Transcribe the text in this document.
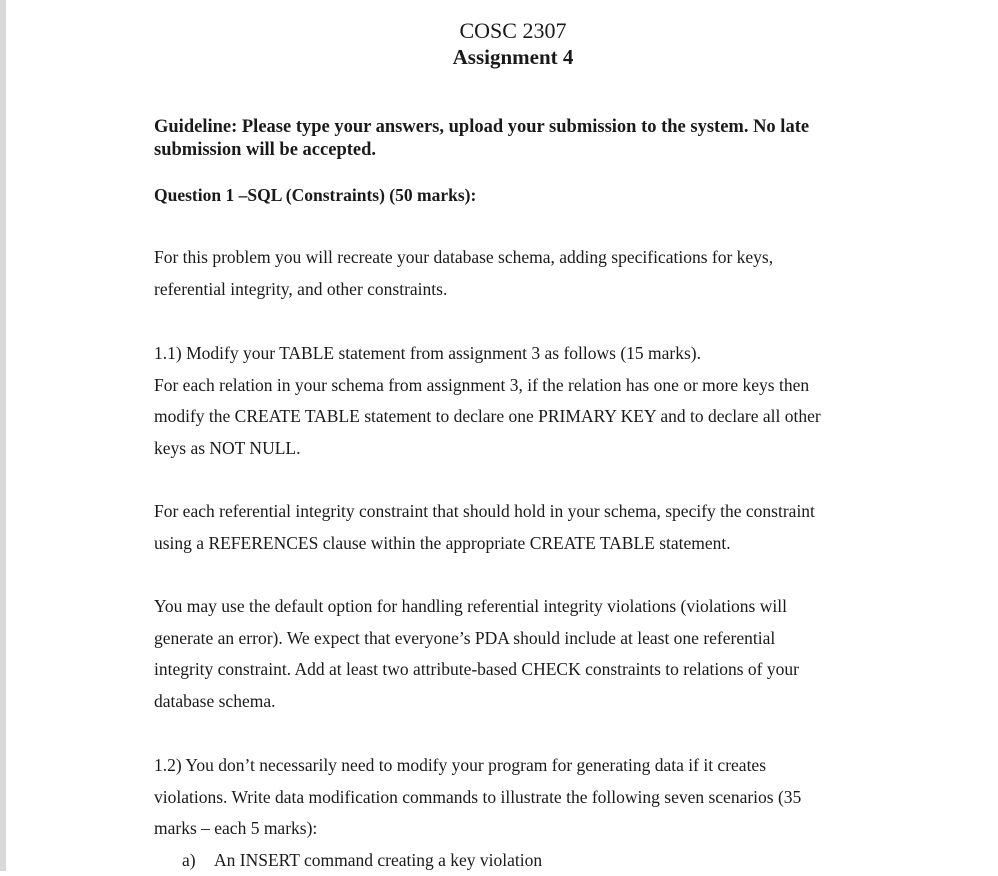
COSC 2307

Assignment 4

Guideline: Please type your answers, upload your submission to the system. No late
submission will be accepted.

Question 1 –SQL (Constraints) (50 marks):

For this problem you will recreate your database schema, adding specifications for keys,
referential integrity, and other constraints.

1.1) Modify your TABLE statement from assignment 3 as follows (15 marks).
For each relation in your schema from assignment 3, if the relation has one or more keys then
modify the CREATE TABLE statement to declare one PRIMARY KEY and to declare all other
keys as NOT NULL.

For each referential integrity constraint that should hold in your schema, specify the constraint
using a REFERENCES clause within the appropriate CREATE TABLE statement.

You may use the default option for handling referential integrity violations (violations will
generate an error). We expect that everyone’s PDA should include at least one referential
integrity constraint. Add at least two attribute-based CHECK constraints to relations of your
database schema.

1.2) You don’t necessarily need to modify your program for generating data if it creates
violations. Write data modification commands to illustrate the following seven scenarios (35
marks – each 5 marks):

a) An INSERT command creating a key violation
